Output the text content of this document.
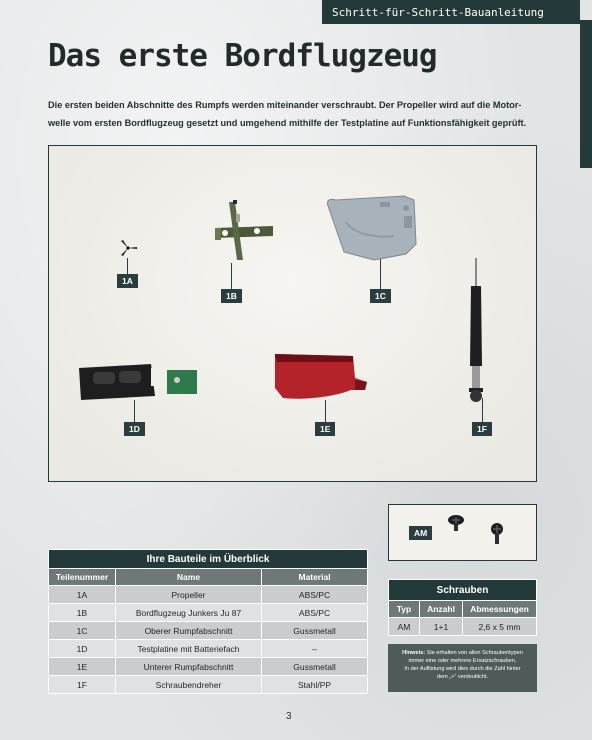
Schritt-für-Schritt-Bauanleitung
Das erste Bordflugzeug
Die ersten beiden Abschnitte des Rumpfs werden miteinander verschraubt. Der Propeller wird auf die Motor-
welle vom ersten Bordflugzeug gesetzt und umgehend mithilfe der Testplatine auf Funktionsfähigkeit geprüft.
1A
1B	1C
1D	1E	1F
AM
Ihre Bauteile im Überblick		
Teilenummer	Name	Material
1A	Propeller	ABS/PC
1B	Bordflugzeug Junkers Ju 87	ABS/PC
1C	Oberer Rumpfabschnitt	Gussmetall
1D	Testplatine mit Batteriefach	–
1E	Unterer Rumpfabschnitt	Gussmetall
1F	Schraubendreher	Stahl/PP
Schrauben		
Typ	Anzahl	Abmessungen
AM	1+1	2,6 x 5 mm
Hinweis: Sie erhalten von allen Schraubentypen
immer eine oder mehrere Ersatzschrauben.
In der Auflistung wird dies durch die Zahl hinter
dem „+“ verdeutlicht.
3
